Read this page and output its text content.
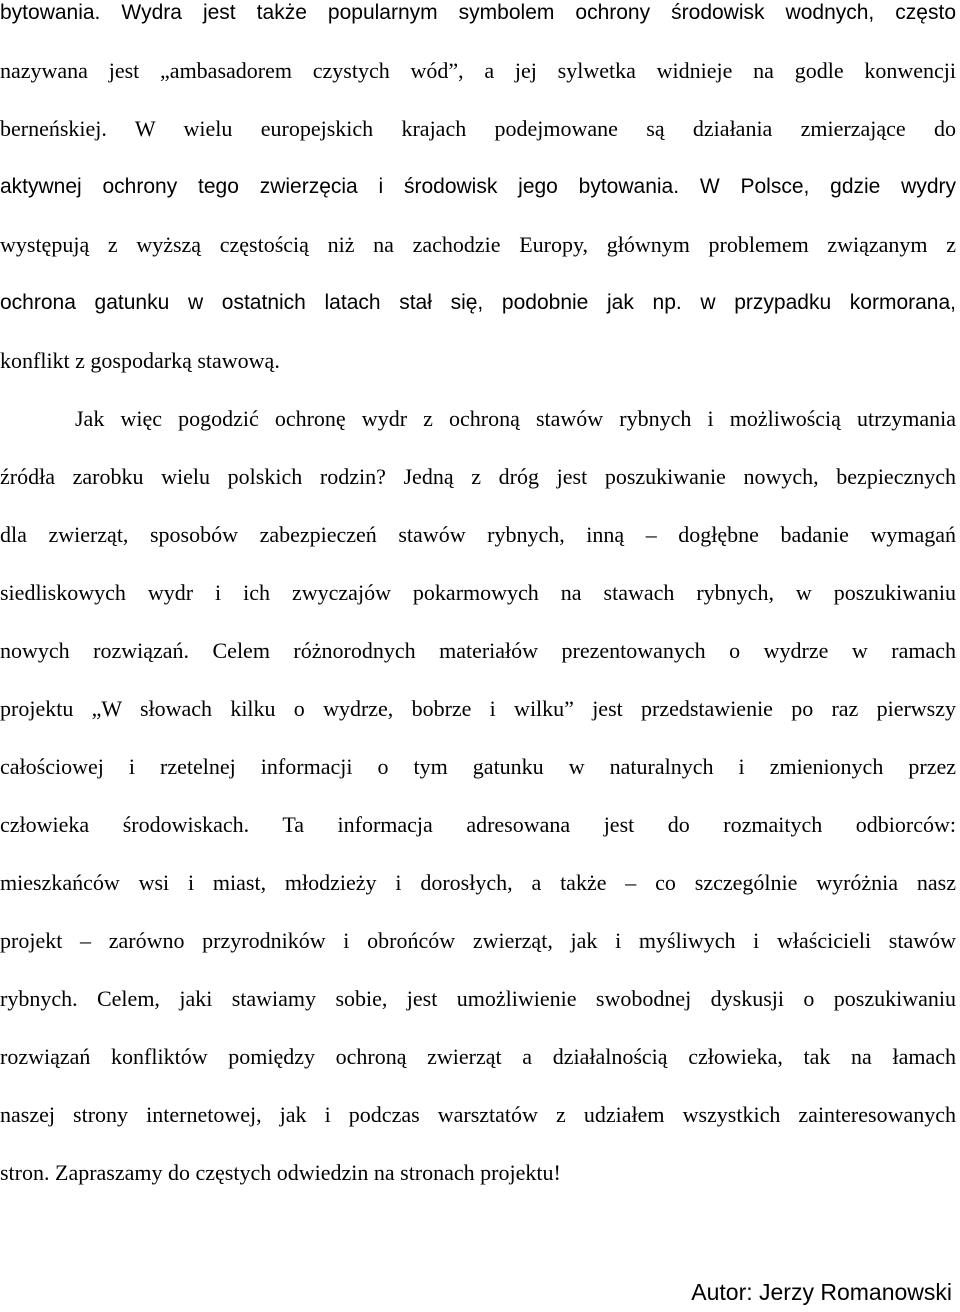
bytowania. Wydra jest także popularnym symbolem ochrony środowisk wodnych, często
nazywana jest „ambasadorem czystych wód”, a jej sylwetka widnieje na godle konwencji
berneńskiej. W wielu europejskich krajach podejmowane są działania zmierzające do
aktywnej ochrony tego zwierzęcia i środowisk jego bytowania. W Polsce, gdzie wydry
występują z wyższą częstością niż na zachodzie Europy, głównym problemem związanym z
ochrona gatunku w ostatnich latach stał się, podobnie jak np. w przypadku kormorana,
konflikt z gospodarką stawową.
Jak więc pogodzić ochronę wydr z ochroną stawów rybnych i możliwością utrzymania
źródła zarobku wielu polskich rodzin? Jedną z dróg jest poszukiwanie nowych, bezpiecznych
dla zwierząt, sposobów zabezpieczeń stawów rybnych, inną – dogłębne badanie wymagań
siedliskowych wydr i ich zwyczajów pokarmowych na stawach rybnych, w poszukiwaniu
nowych rozwiązań. Celem różnorodnych materiałów prezentowanych o wydrze w ramach
projektu „W słowach kilku o wydrze, bobrze i wilku” jest przedstawienie po raz pierwszy
całościowej i rzetelnej informacji o tym gatunku w naturalnych i zmienionych przez
człowieka środowiskach. Ta informacja adresowana jest do rozmaitych odbiorców:
mieszkańców wsi i miast, młodzieży i dorosłych, a także – co szczególnie wyróżnia nasz
projekt – zarówno przyrodników i obrońców zwierząt, jak i myśliwych i właścicieli stawów
rybnych. Celem, jaki stawiamy sobie, jest umożliwienie swobodnej dyskusji o poszukiwaniu
rozwiązań konfliktów pomiędzy ochroną zwierząt a działalnością człowieka, tak na łamach
naszej strony internetowej, jak i podczas warsztatów z udziałem wszystkich zainteresowanych
stron. Zapraszamy do częstych odwiedzin na stronach projektu!
Autor: Jerzy Romanowski
